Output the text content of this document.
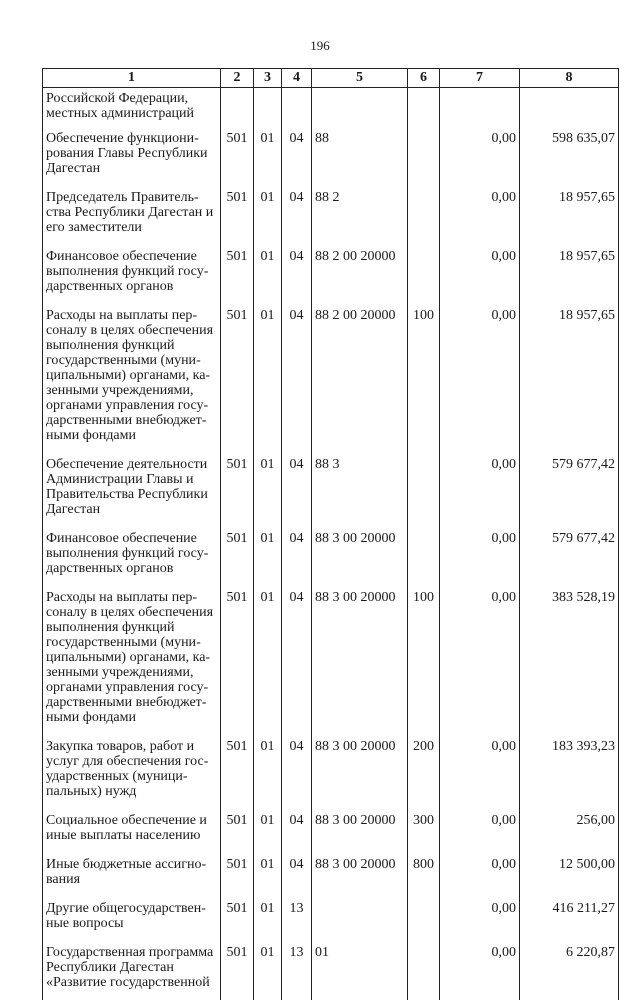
196
1	2	3	4	5	6	7	8
Российской Федерации, местных администраций							
Обеспечение функционирования Главы Республики Дагестан	501	01	04	88		0,00	598 635,07
Председатель Правительства Республики Дагестан и его заместители	501	01	04	88 2		0,00	18 957,65
Финансовое обеспечение выполнения функций государственных органов	501	01	04	88 2 00 20000		0,00	18 957,65
Расходы на выплаты персоналу в целях обеспечения выполнения функций государственными (муниципальными) органами, казенными учреждениями, органами управления государственными внебюджетными фондами	501	01	04	88 2 00 20000	100	0,00	18 957,65
Обеспечение деятельности Администрации Главы и Правительства Республики Дагестан	501	01	04	88 3		0,00	579 677,42
Финансовое обеспечение выполнения функций государственных органов	501	01	04	88 3 00 20000		0,00	579 677,42
Расходы на выплаты персоналу в целях обеспечения выполнения функций государственными (муниципальными) органами, казенными учреждениями, органами управления государственными внебюджетными фондами	501	01	04	88 3 00 20000	100	0,00	383 528,19
Закупка товаров, работ и услуг для обеспечения государственных (муниципальных) нужд	501	01	04	88 3 00 20000	200	0,00	183 393,23
Социальное обеспечение и иные выплаты населению	501	01	04	88 3 00 20000	300	0,00	256,00
Иные бюджетные ассигнования	501	01	04	88 3 00 20000	800	0,00	12 500,00
Другие общегосударственные вопросы	501	01	13			0,00	416 211,27
Государственная программа Республики Дагестан «Развитие государственной	501	01	13	01		0,00	6 220,87
